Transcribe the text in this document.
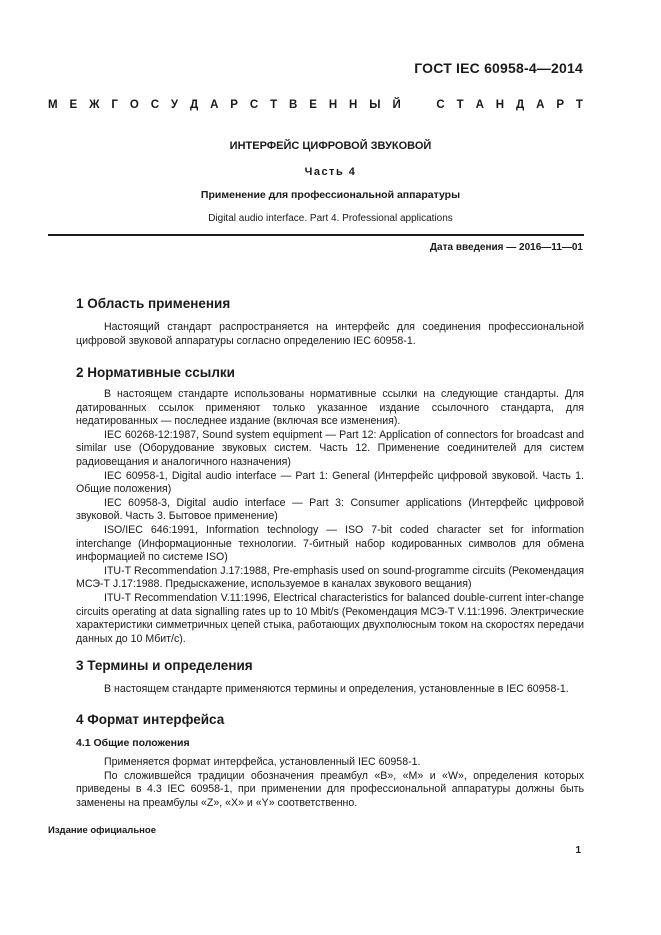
ГОСТ IEC 60958-4—2014
М Е Ж Г О С У Д А Р С Т В Е Н Н Ы Й	С Т А Н Д А Р Т
ИНТЕРФЕЙС ЦИФРОВОЙ ЗВУКОВОЙ
Часть 4
Применение для профессиональной аппаратуры
Digital audio interface. Part 4. Professional applications
Дата введения — 2016—11—01
1 Область применения

Настоящий стандарт распространяется на интерфейс для соединения профессиональной цифровой звуковой аппаратуры согласно определению IEC 60958-1.

2 Нормативные ссылки

В настоящем стандарте использованы нормативные ссылки на следующие стандарты. Для датированных ссылок применяют только указанное издание ссылочного стандарта, для недатированных — последнее издание (включая все изменения).

IEC 60268-12:1987, Sound system equipment — Part 12: Application of connectors for broadcast and similar use (Оборудование звуковых систем. Часть 12. Применение соединителей для систем радиовещания и аналогичного назначения)

IEC 60958-1, Digital audio interface — Part 1: General (Интерфейс цифровой звуковой. Часть 1. Общие положения)

IEC 60958-3, Digital audio interface — Part 3: Consumer applications (Интерфейс цифровой звуковой. Часть 3. Бытовое применение)

ISO/IEC 646:1991, Information technology — ISO 7-bit coded character set for information interchange (Информационные технологии. 7-битный набор кодированных символов для обмена информацией по системе ISO)

ITU-T Recommendation J.17:1988, Pre-emphasis used on sound-programme circuits (Рекомендация МСЭ-Т J.17:1988. Предыскажение, используемое в каналах звукового вещания)

ITU-T Recommendation V.11:1996, Electrical characteristics for balanced double-current inter-change circuits operating at data signalling rates up to 10 Mbit/s (Рекомендация МСЭ-Т V.11:1996. Электрические характеристики симметричных цепей стыка, работающих двухполюсным током на скоростях передачи данных до 10 Мбит/с).

3 Термины и определения

В настоящем стандарте применяются термины и определения, установленные в IEC 60958-1.

4 Формат интерфейса
4.1 Общие положения

Применяется формат интерфейса, установленный IEC 60958-1.

По сложившейся традиции обозначения преамбул «B», «M» и «W», определения которых приведены в 4.3 IEC 60958-1, при применении для профессиональной аппаратуры должны быть заменены на преамбулы «Z», «X» и «Y» соответственно.

Издание официальное
1
